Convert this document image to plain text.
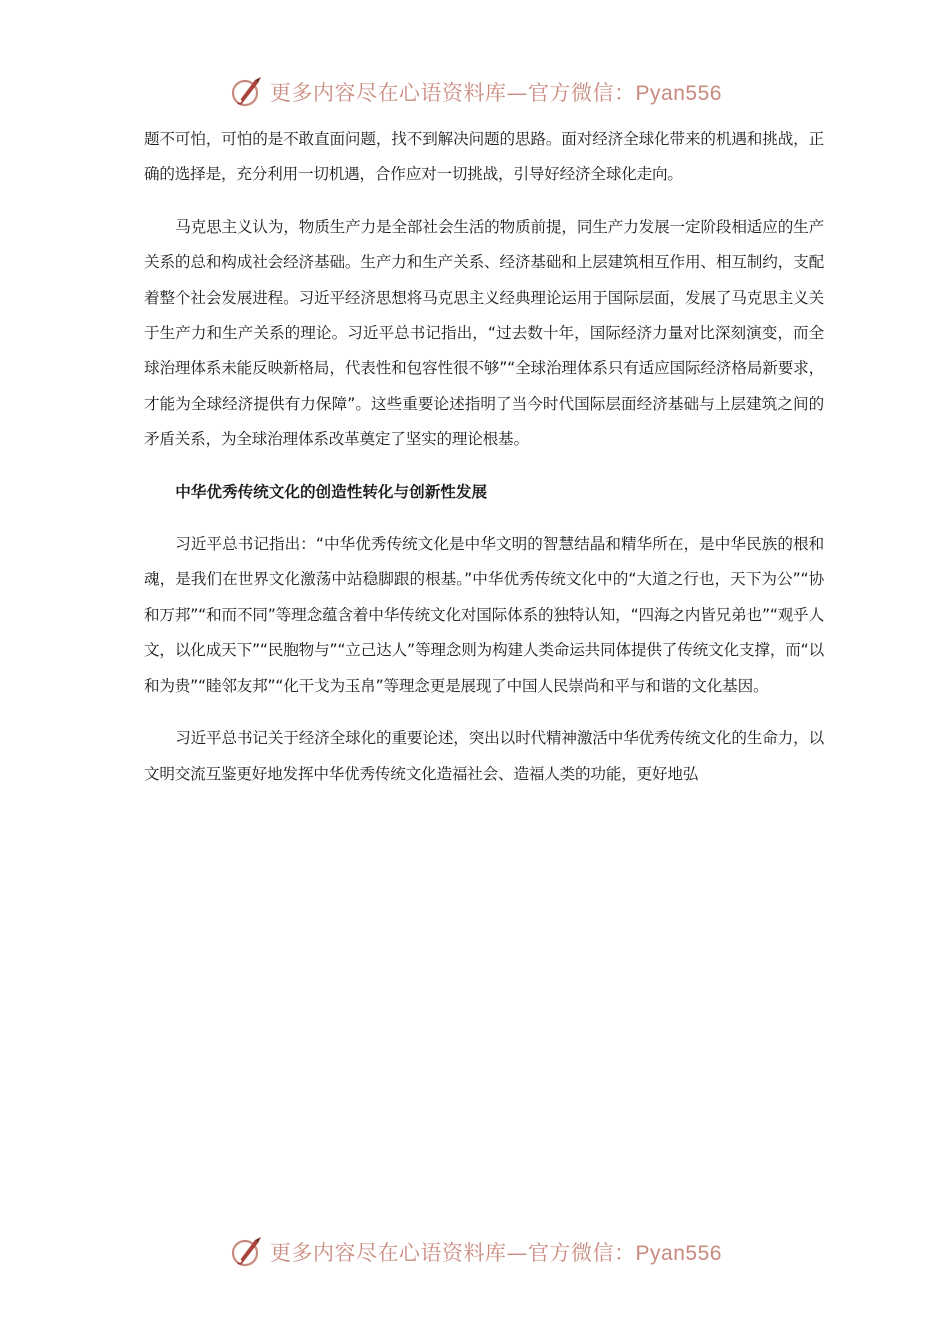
更多内容尽在心语资料库—官方微信：Pyan556

题不可怕，可怕的是不敢直面问题，找不到解决问题的思路。面对经济全球化带来的机遇和挑战，正确的选择是，充分利用一切机遇，合作应对一切挑战，引导好经济全球化走向。

马克思主义认为，物质生产力是全部社会生活的物质前提，同生产力发展一定阶段相适应的生产关系的总和构成社会经济基础。生产力和生产关系、经济基础和上层建筑相互作用、相互制约，支配着整个社会发展进程。习近平经济思想将马克思主义经典理论运用于国际层面，发展了马克思主义关于生产力和生产关系的理论。习近平总书记指出，“过去数十年，国际经济力量对比深刻演变，而全球治理体系未能反映新格局，代表性和包容性很不够”“全球治理体系只有适应国际经济格局新要求，才能为全球经济提供有力保障”。这些重要论述指明了当今时代国际层面经济基础与上层建筑之间的矛盾关系，为全球治理体系改革奠定了坚实的理论根基。

中华优秀传统文化的创造性转化与创新性发展

习近平总书记指出：“中华优秀传统文化是中华文明的智慧结晶和精华所在，是中华民族的根和魂，是我们在世界文化激荡中站稳脚跟的根基。”中华优秀传统文化中的“大道之行也，天下为公”“协和万邦”“和而不同”等理念蕴含着中华传统文化对国际体系的独特认知，“四海之内皆兄弟也”“观乎人文，以化成天下”“民胞物与”“立己达人”等理念则为构建人类命运共同体提供了传统文化支撑，而“以和为贵”“睦邻友邦”“化干戈为玉帛”等理念更是展现了中国人民崇尚和平与和谐的文化基因。

习近平总书记关于经济全球化的重要论述，突出以时代精神激活中华优秀传统文化的生命力，以文明交流互鉴更好地发挥中华优秀传统文化造福社会、造福人类的功能，更好地弘

更多内容尽在心语资料库—官方微信：Pyan556
